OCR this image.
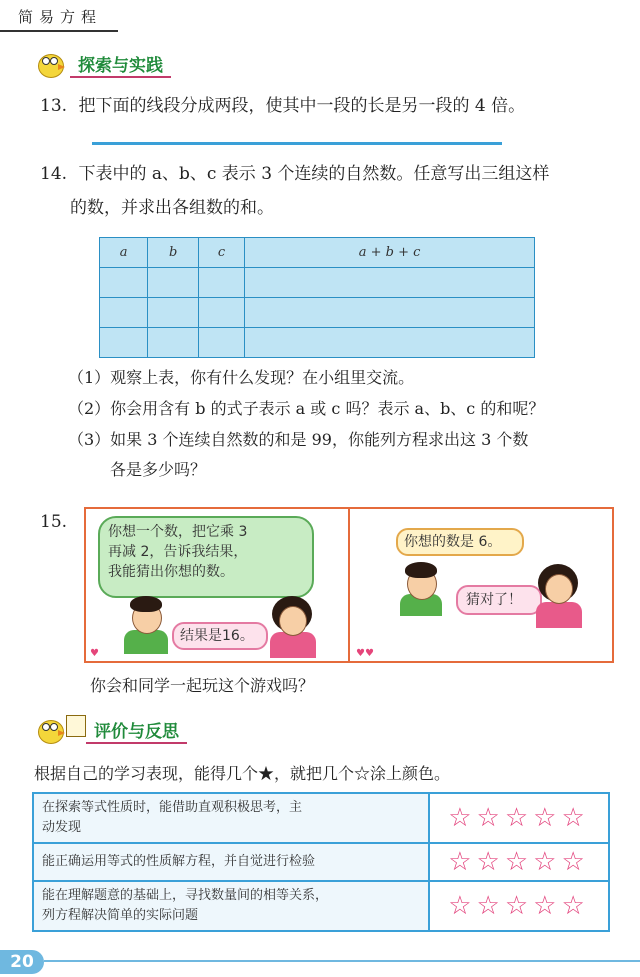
简易方程
探索与实践
13. 把下面的线段分成两段，使其中一段的长是另一段的 4 倍。
14. 下表中的 a、b、c 表示 3 个连续的自然数。任意写出三组这样
的数，并求出各组数的和。
a	b	c	a + b + c

（1）观察上表，你有什么发现？在小组里交流。
（2）你会用含有 b 的式子表示 a 或 c 吗？表示 a、b、c 的和呢？
（3）如果 3 个连续自然数的和是 99，你能列方程求出这 3 个数
各是多少吗？
15.	你想一个数，把它乘 3
再减 2，告诉我结果，
我能猜出你想的数。
结果是16。
♥
你想的数是 6。
猜对了！
♥♥
你会和同学一起玩这个游戏吗？
评价与反思
根据自己的学习表现，能得几个★，就把几个☆涂上颜色。
在探索等式性质时，能借助直观积极思考，主
动发现	☆☆☆☆☆

能正确运用等式的性质解方程，并自觉进行检验	☆☆☆☆☆

能在理解题意的基础上，寻找数量间的相等关系，
列方程解决简单的实际问题	☆☆☆☆☆
20
